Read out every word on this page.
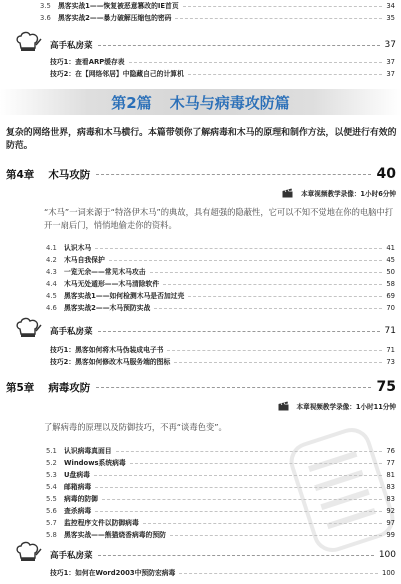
3.5	黑客实战1——恢复被恶意篡改的IE首页	34
3.6	黑客实战2——暴力破解压缩包的密码	35
高手私房菜	37
技巧1：查看ARP缓存表	37
技巧2：在【网络邻居】中隐藏自己的计算机	37
第2篇 木马与病毒攻防篇
复杂的网络世界，病毒和木马横行。本篇带领你了解病毒和木马的原理和制作方法，以便进行有效的防范。
第4章 木马攻防	40
本章视频教学录像：1小时6分钟
“木马”一词来源于“特洛伊木马”的典故，具有超强的隐蔽性，它可以不知不觉地在你的电脑中打开一扇后门，悄悄地偷走你的资料。
4.1	认识木马	41
4.2	木马自我保护	45
4.3	一览无余——常见木马攻击	50
4.4	木马无处遁形——木马清除软件	58
4.5	黑客实战1——如何检测木马是否加过壳	69
4.6	黑客实战2——木马预防实战	70
高手私房菜	71
技巧1：黑客如何将木马伪装成电子书	71
技巧2：黑客如何修改木马服务端的图标	73
第5章 病毒攻防	75
本章视频教学录像：1小时11分钟
了解病毒的原理以及防御技巧，不再“谈毒色变”。
5.1	认识病毒真面目	76
5.2	Windows系统病毒	77
5.3	U盘病毒	81
5.4	邮箱病毒	83
5.5	病毒的防御	83
5.6	查杀病毒	92
5.7	监控程序文件以防御病毒	97
5.8	黑客实战——熊猫烧香病毒的预防	99
高手私房菜	100
技巧1：如何在Word2003中预防宏病毒	100
